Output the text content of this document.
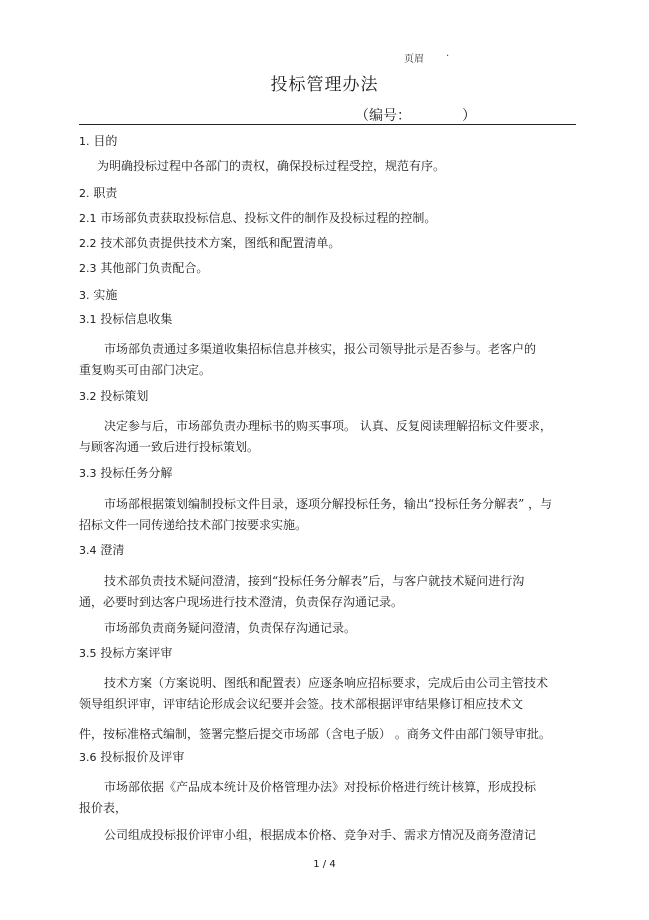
页眉
.
投标管理办法
（编号：	）
1. 目的
为明确投标过程中各部门的责权，确保投标过程受控，规范有序。
2. 职责
2.1 市场部负责获取投标信息、投标文件的制作及投标过程的控制。
2.2 技术部负责提供技术方案，图纸和配置清单。
2.3 其他部门负责配合。
3. 实施
3.1 投标信息收集
市场部负责通过多渠道收集招标信息并核实，报公司领导批示是否参与。老客户的
重复购买可由部门决定。
3.2 投标策划
决定参与后，市场部负责办理标书的购买事项。 认真、反复阅读理解招标文件要求，
与顾客沟通一致后进行投标策划。
3.3 投标任务分解
市场部根据策划编制投标文件目录，逐项分解投标任务，输出“投标任务分解表” ，与
招标文件一同传递给技术部门按要求实施。
3.4 澄清
技术部负责技术疑问澄清，接到“投标任务分解表”后，与客户就技术疑问进行沟
通，必要时到达客户现场进行技术澄清，负责保存沟通记录。
市场部负责商务疑问澄清，负责保存沟通记录。
3.5 投标方案评审
技术方案（方案说明、图纸和配置表）应逐条响应招标要求，完成后由公司主管技术
领导组织评审，评审结论形成会议纪要并会签。技术部根据评审结果修订相应技术文
件，按标准格式编制，签署完整后提交市场部（含电子版） 。商务文件由部门领导审批。
3.6 投标报价及评审
市场部依据《产品成本统计及价格管理办法》对投标价格进行统计核算，形成投标
报价表，
公司组成投标报价评审小组，根据成本价格、竞争对手、需求方情况及商务澄清记
1 / 4
